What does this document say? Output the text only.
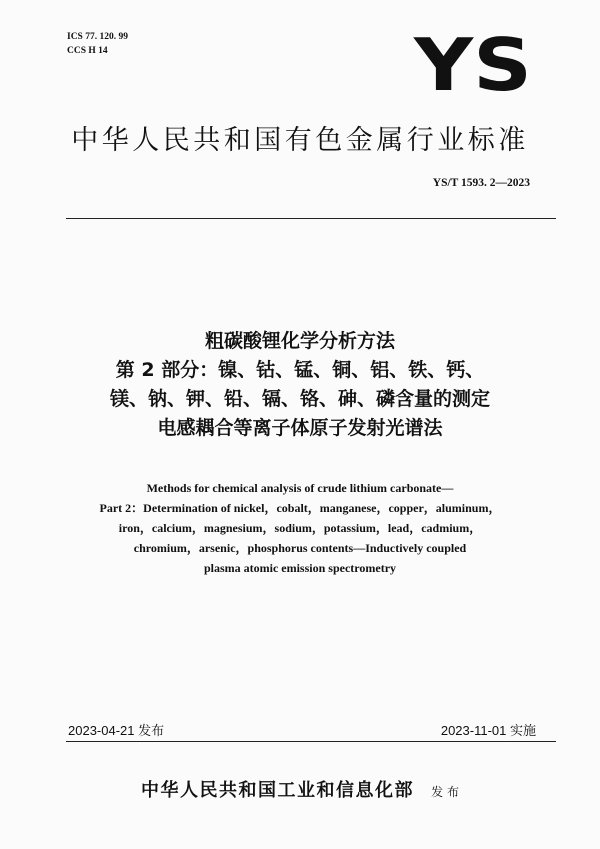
ICS 77. 120. 99
CCS H 14	YS
中华人民共和国有色金属行业标准
YS/T 1593. 2—2023
粗碳酸锂化学分析方法
第 2 部分：镍、钴、锰、铜、铝、铁、钙、
镁、钠、钾、铅、镉、铬、砷、磷含量的测定
电感耦合等离子体原子发射光谱法
Methods for chemical analysis of crude lithium carbonate—
Part 2：Determination of nickel，cobalt，manganese，copper，aluminum，
iron，calcium，magnesium，sodium，potassium，lead，cadmium，
chromium，arsenic，phosphorus contents—Inductively coupled
plasma atomic emission spectrometry
2023-04-21 发布	2023-11-01 实施
中华人民共和国工业和信息化部 发 布
